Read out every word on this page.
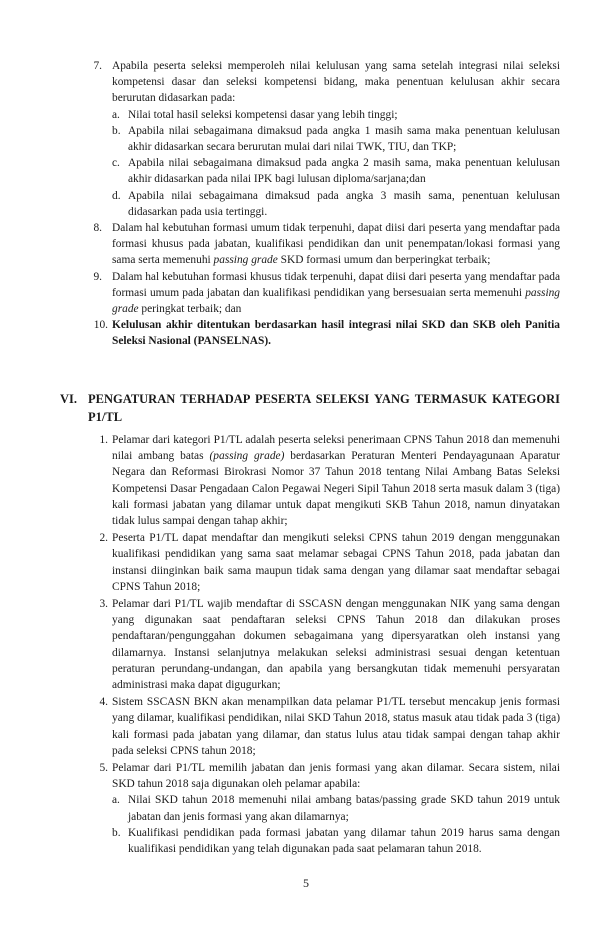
7. Apabila peserta seleksi memperoleh nilai kelulusan yang sama setelah integrasi nilai seleksi kompetensi dasar dan seleksi kompetensi bidang, maka penentuan kelulusan akhir secara berurutan didasarkan pada:
a. Nilai total hasil seleksi kompetensi dasar yang lebih tinggi;
b. Apabila nilai sebagaimana dimaksud pada angka 1 masih sama maka penentuan kelulusan akhir didasarkan secara berurutan mulai dari nilai TWK, TIU, dan TKP;
c. Apabila nilai sebagaimana dimaksud pada angka 2 masih sama, maka penentuan kelulusan akhir didasarkan pada nilai IPK bagi lulusan diploma/sarjana;dan
d. Apabila nilai sebagaimana dimaksud pada angka 3 masih sama, penentuan kelulusan didasarkan pada usia tertinggi.
8. Dalam hal kebutuhan formasi umum tidak terpenuhi, dapat diisi dari peserta yang mendaftar pada formasi khusus pada jabatan, kualifikasi pendidikan dan unit penempatan/lokasi formasi yang sama serta memenuhi passing grade SKD formasi umum dan berperingkat terbaik;
9. Dalam hal kebutuhan formasi khusus tidak terpenuhi, dapat diisi dari peserta yang mendaftar pada formasi umum pada jabatan dan kualifikasi pendidikan yang bersesuaian serta memenuhi passing grade peringkat terbaik; dan
10. Kelulusan akhir ditentukan berdasarkan hasil integrasi nilai SKD dan SKB oleh Panitia Seleksi Nasional (PANSELNAS).
VI. PENGATURAN TERHADAP PESERTA SELEKSI YANG TERMASUK KATEGORI P1/TL
1. Pelamar dari kategori P1/TL adalah peserta seleksi penerimaan CPNS Tahun 2018 dan memenuhi nilai ambang batas (passing grade) berdasarkan Peraturan Menteri Pendayagunaan Aparatur Negara dan Reformasi Birokrasi Nomor 37 Tahun 2018 tentang Nilai Ambang Batas Seleksi Kompetensi Dasar Pengadaan Calon Pegawai Negeri Sipil Tahun 2018 serta masuk dalam 3 (tiga) kali formasi jabatan yang dilamar untuk dapat mengikuti SKB Tahun 2018, namun dinyatakan tidak lulus sampai dengan tahap akhir;
2. Peserta P1/TL dapat mendaftar dan mengikuti seleksi CPNS tahun 2019 dengan menggunakan kualifikasi pendidikan yang sama saat melamar sebagai CPNS Tahun 2018, pada jabatan dan instansi diinginkan baik sama maupun tidak sama dengan yang dilamar saat mendaftar sebagai CPNS Tahun 2018;
3. Pelamar dari P1/TL wajib mendaftar di SSCASN dengan menggunakan NIK yang sama dengan yang digunakan saat pendaftaran seleksi CPNS Tahun 2018 dan dilakukan proses pendaftaran/pengunggahan dokumen sebagaimana yang dipersyaratkan oleh instansi yang dilamarnya. Instansi selanjutnya melakukan seleksi administrasi sesuai dengan ketentuan peraturan perundang-undangan, dan apabila yang bersangkutan tidak memenuhi persyaratan administrasi maka dapat digugurkan;
4. Sistem SSCASN BKN akan menampilkan data pelamar P1/TL tersebut mencakup jenis formasi yang dilamar, kualifikasi pendidikan, nilai SKD Tahun 2018, status masuk atau tidak pada 3 (tiga) kali formasi pada jabatan yang dilamar, dan status lulus atau tidak sampai dengan tahap akhir pada seleksi CPNS tahun 2018;
5. Pelamar dari P1/TL memilih jabatan dan jenis formasi yang akan dilamar. Secara sistem, nilai SKD tahun 2018 saja digunakan oleh pelamar apabila:
a. Nilai SKD tahun 2018 memenuhi nilai ambang batas/passing grade SKD tahun 2019 untuk jabatan dan jenis formasi yang akan dilamarnya;
b. Kualifikasi pendidikan pada formasi jabatan yang dilamar tahun 2019 harus sama dengan kualifikasi pendidikan yang telah digunakan pada saat pelamaran tahun 2018.
5
